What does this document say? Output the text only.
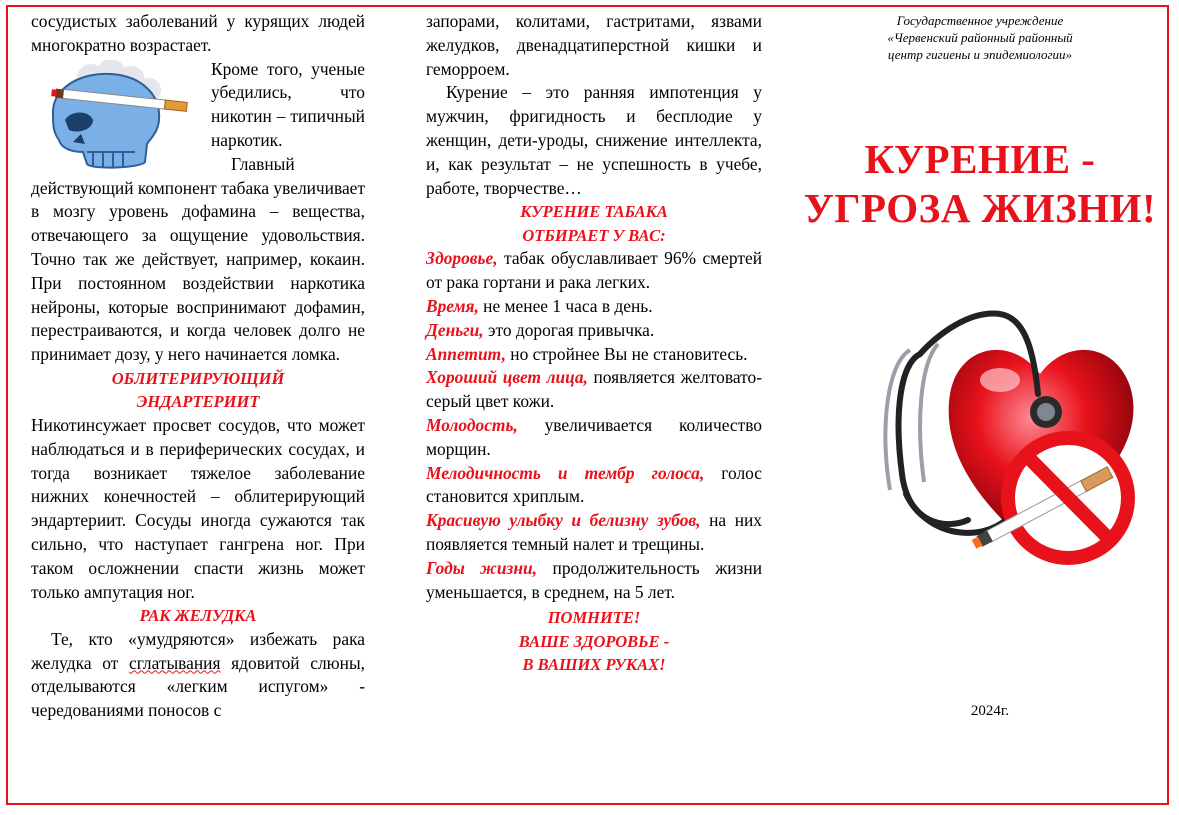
сосудистых заболеваний у курящих людей многократно возрастает.

Кроме того, ученые убедились, что никотин – типичный наркотик.

Главный действующий компонент табака увеличивает в мозгу уровень дофамина – вещества, отвечающего за ощущение удовольствия. Точно так же действует, например, кокаин. При постоянном воздействии наркотика нейроны, которые воспринимают дофамин, перестраиваются, и когда человек долго не принимает дозу, у него начинается ломка.

ОБЛИТЕРИРУЮЩИЙ
ЭНДАРТЕРИИТ

Никотинсужает просвет сосудов, что может наблюдаться и в периферических сосудах, и тогда возникает тяжелое заболевание нижних конечностей – облитерирующий эндартериит. Сосуды иногда сужаются так сильно, что наступает гангрена ног. При таком осложнении спасти жизнь может только ампутация ног.

РАК ЖЕЛУДКА

Те, кто «умудряются» избежать рака желудка от сглатывания ядовитой слюны, отделываются «легким испугом» - чередованиями поносов с

запорами, колитами, гастритами, язвами желудков, двенадцатиперстной кишки и геморроем.

Курение – это ранняя импотенция у мужчин, фригидность и бесплодие у женщин, дети-уроды, снижение интеллекта, и, как результат – не успешность в учебе, работе, творчестве…

КУРЕНИЕ ТАБАКА
ОТБИРАЕТ У ВАС:

Здоровье, табак обуславливает 96% смертей от рака гортани и рака легких.

Время, не менее 1 часа в день.

Деньги, это дорогая привычка.

Аппетит, но стройнее Вы не становитесь.

Хороший цвет лица, появляется желтовато-серый цвет кожи.

Молодость, увеличивается количество морщин.

Мелодичность и тембр голоса, голос становится хриплым.

Красивую улыбку и белизну зубов, на них появляется темный налет и трещины.

Годы жизни, продолжительность жизни уменьшается, в среднем, на 5 лет.

ПОМНИТЕ!
ВАШЕ ЗДОРОВЬЕ -
В ВАШИХ РУКАХ!
Государственное учреждение
«Червенский районный районный
центр гигиены и эпидемиологии»
КУРЕНИЕ -
УГРОЗА ЖИЗНИ!
2024г.
